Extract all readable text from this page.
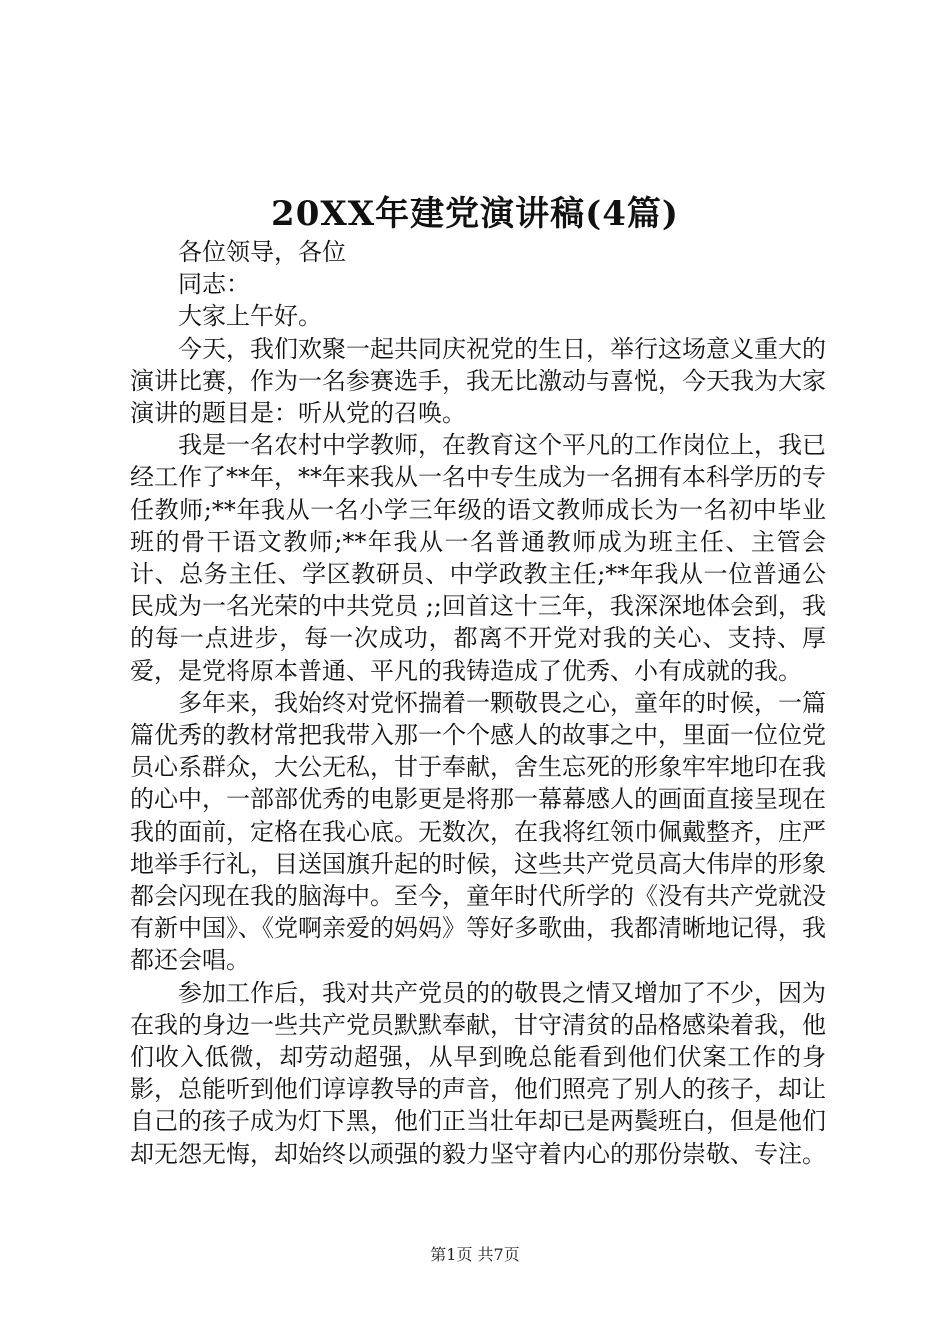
20XX年建党演讲稿(4篇)

各位领导，各位

同志：

大家上午好。

今天，我们欢聚一起共同庆祝党的生日，举行这场意义重大的演讲比赛，作为一名参赛选手，我无比激动与喜悦，今天我为大家演讲的题目是：听从党的召唤。

我是一名农村中学教师，在教育这个平凡的工作岗位上，我已经工作了**年，**年来我从一名中专生成为一名拥有本科学历的专任教师;**年我从一名小学三年级的语文教师成长为一名初中毕业班的骨干语文教师;**年我从一名普通教师成为班主任、主管会计、总务主任、学区教研员、中学政教主任;**年我从一位普通公民成为一名光荣的中共党员 ;;回首这十三年，我深深地体会到，我的每一点进步，每一次成功，都离不开党对我的关心、支持、厚爱，是党将原本普通、平凡的我铸造成了优秀、小有成就的我。

多年来，我始终对党怀揣着一颗敬畏之心，童年的时候，一篇篇优秀的教材常把我带入那一个个感人的故事之中，里面一位位党员心系群众，大公无私，甘于奉献，舍生忘死的形象牢牢地印在我的心中，一部部优秀的电影更是将那一幕幕感人的画面直接呈现在我的面前，定格在我心底。无数次，在我将红领巾佩戴整齐，庄严地举手行礼，目送国旗升起的时候，这些共产党员高大伟岸的形象都会闪现在我的脑海中。至今，童年时代所学的《没有共产党就没有新中国》、《党啊亲爱的妈妈》等好多歌曲，我都清晰地记得，我都还会唱。

参加工作后，我对共产党员的的敬畏之情又增加了不少，因为在我的身边一些共产党员默默奉献，甘守清贫的品格感染着我，他们收入低微，却劳动超强，从早到晚总能看到他们伏案工作的身影，总能听到他们谆谆教导的声音，他们照亮了别人的孩子，却让自己的孩子成为灯下黑，他们正当壮年却已是两鬓班白，但是他们却无怨无悔，却始终以顽强的毅力坚守着内心的那份崇敬、专注。

第1页 共7页
